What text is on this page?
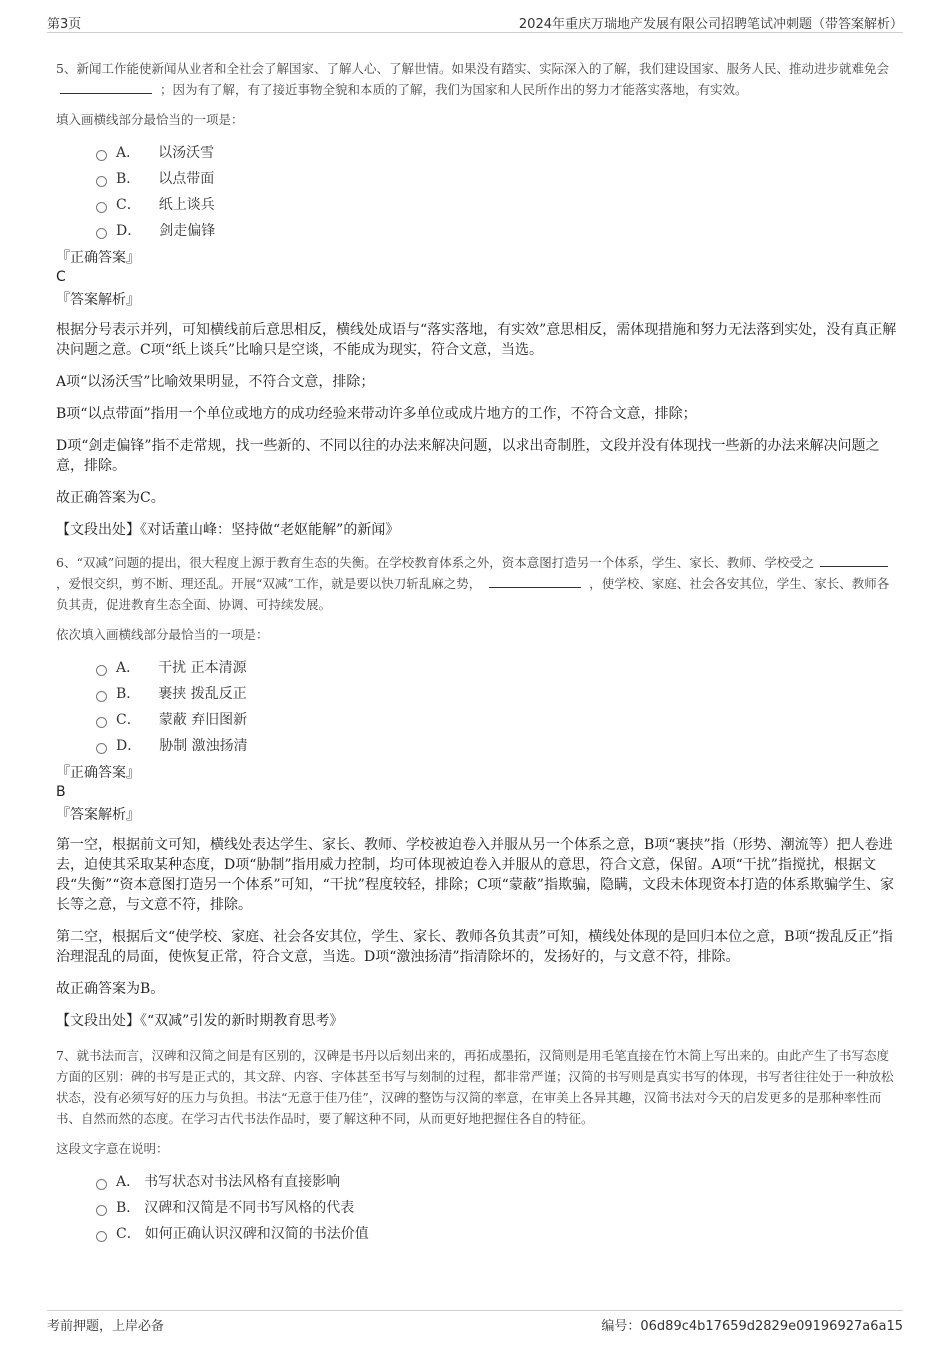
第3页	2024年重庆万瑞地产发展有限公司招聘笔试冲刺题（带答案解析）
5、新闻工作能使新闻从业者和全社会了解国家、了解人心、了解世情。如果没有踏实、实际深入的了解，我们建设国家、服务人民、推动进步就难免会  ；因为有了解，有了接近事物全貌和本质的了解，我们为国家和人民所作出的努力才能落实落地，有实效。
填入画横线部分最恰当的一项是：
A． 以汤沃雪
B． 以点带面
C． 纸上谈兵
D． 剑走偏锋
『正确答案』
C
『答案解析』
根据分号表示并列，可知横线前后意思相反，横线处成语与“落实落地，有实效”意思相反，需体现措施和努力无法落到实处，没有真正解决问题之意。C项“纸上谈兵”比喻只是空谈，不能成为现实，符合文意，当选。
A项“以汤沃雪”比喻效果明显，不符合文意，排除；
B项“以点带面”指用一个单位或地方的成功经验来带动许多单位或成片地方的工作，不符合文意，排除；
D项“剑走偏锋”指不走常规，找一些新的、不同以往的办法来解决问题，以求出奇制胜，文段并没有体现找一些新的办法来解决问题之意，排除。
故正确答案为C。
【文段出处】《对话董山峰：坚持做“老妪能解”的新闻》
6、“双减”问题的提出，很大程度上源于教育生态的失衡。在学校教育体系之外，资本意图打造另一个体系，学生、家长、教师、学校受之  ，爱恨交织，剪不断、理还乱。开展“双减”工作，就是要以快刀斩乱麻之势，	，使学校、家庭、社会各安其位，学生、家长、教师各负其责，促进教育生态全面、协调、可持续发展。
依次填入画横线部分最恰当的一项是：
A． 干扰 正本清源
B． 裹挟 拨乱反正
C． 蒙蔽 弃旧图新
D． 胁制 激浊扬清
『正确答案』
B
『答案解析』
第一空，根据前文可知，横线处表达学生、家长、教师、学校被迫卷入并服从另一个体系之意，B项“裹挟”指（形势、潮流等）把人卷进去，迫使其采取某种态度，D项“胁制”指用威力控制，均可体现被迫卷入并服从的意思，符合文意，保留。A项“干扰”指搅扰，根据文段“失衡”“资本意图打造另一个体系”可知，“干扰”程度较轻，排除；C项“蒙蔽”指欺骗，隐瞒，文段未体现资本打造的体系欺骗学生、家长等之意，与文意不符，排除。
第二空，根据后文“使学校、家庭、社会各安其位，学生、家长、教师各负其责”可知，横线处体现的是回归本位之意，B项“拨乱反正”指治理混乱的局面，使恢复正常，符合文意，当选。D项“激浊扬清”指清除坏的，发扬好的，与文意不符，排除。
故正确答案为B。
【文段出处】《“双减”引发的新时期教育思考》
7、就书法而言，汉碑和汉简之间是有区别的，汉碑是书丹以后刻出来的，再拓成墨拓，汉简则是用毛笔直接在竹木简上写出来的。由此产生了书写态度方面的区别：碑的书写是正式的，其文辞、内容、字体甚至书写与刻制的过程，都非常严谨；汉简的书写则是真实书写的体现，书写者往往处于一种放松状态，没有必须写好的压力与负担。书法“无意于佳乃佳”，汉碑的整饬与汉简的率意，在审美上各异其趣，汉简书法对今天的启发更多的是那种率性而书、自然而然的态度。在学习古代书法作品时，要了解这种不同，从而更好地把握住各自的特征。
这段文字意在说明：
A． 书写状态对书法风格有直接影响
B． 汉碑和汉简是不同书写风格的代表
C． 如何正确认识汉碑和汉简的书法价值
考前押题，上岸必备	编号：06d89c4b17659d2829e09196927a6a15
